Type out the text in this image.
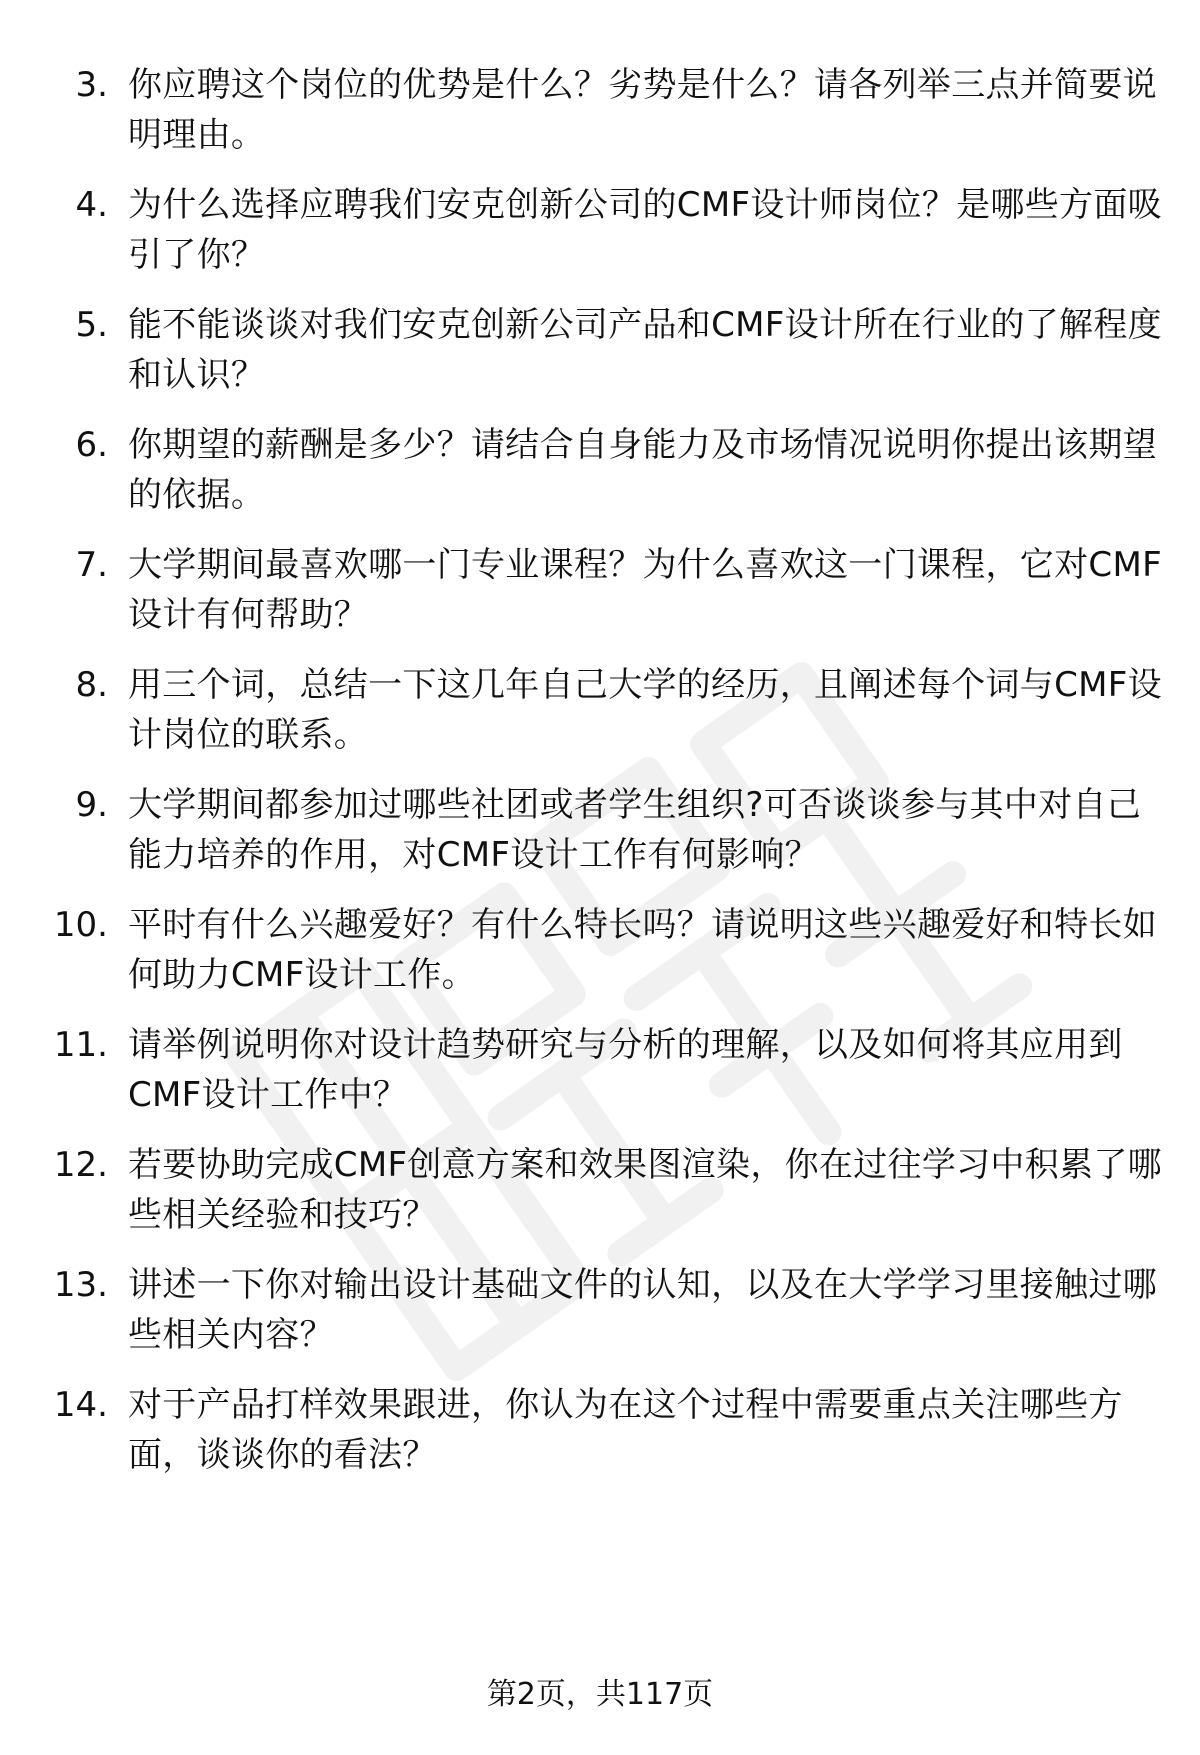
3. 你应聘这个岗位的优势是什么？劣势是什么？请各列举三点并简要说明理由。
4. 为什么选择应聘我们安克创新公司的CMF设计师岗位？是哪些方面吸引了你？
5. 能不能谈谈对我们安克创新公司产品和CMF设计所在行业的了解程度和认识？
6. 你期望的薪酬是多少？请结合自身能力及市场情况说明你提出该期望的依据。
7. 大学期间最喜欢哪一门专业课程？为什么喜欢这一门课程，它对CMF设计有何帮助？
8. 用三个词，总结一下这几年自己大学的经历，且阐述每个词与CMF设计岗位的联系。
9. 大学期间都参加过哪些社团或者学生组织?可否谈谈参与其中对自己能力培养的作用，对CMF设计工作有何影响？
10. 平时有什么兴趣爱好？有什么特长吗？请说明这些兴趣爱好和特长如何助力CMF设计工作。
11. 请举例说明你对设计趋势研究与分析的理解，以及如何将其应用到CMF设计工作中？
12. 若要协助完成CMF创意方案和效果图渲染，你在过往学习中积累了哪些相关经验和技巧？
13. 讲述一下你对输出设计基础文件的认知，以及在大学学习里接触过哪些相关内容？
14. 对于产品打样效果跟进，你认为在这个过程中需要重点关注哪些方面，谈谈你的看法？
第2页，共117页
